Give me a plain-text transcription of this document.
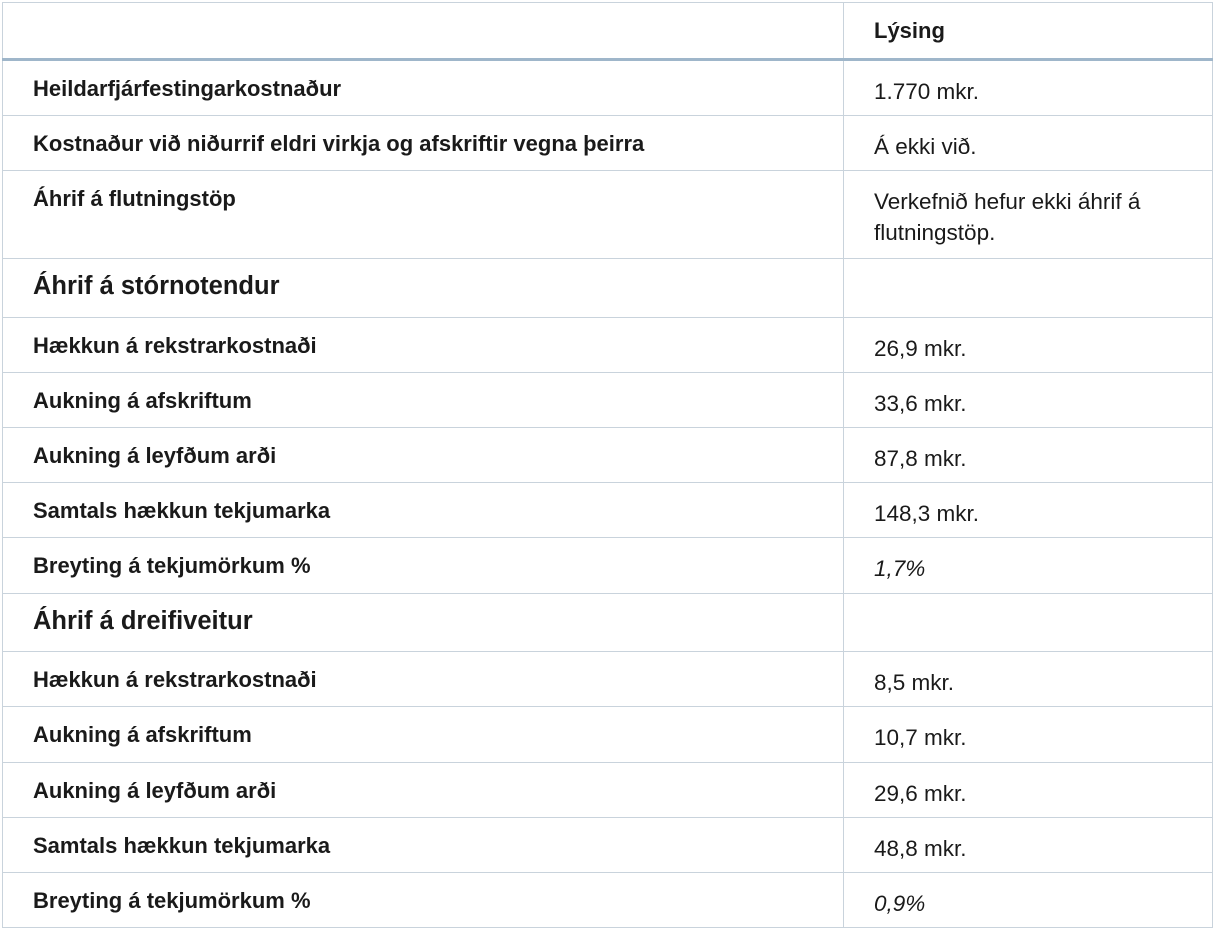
	Lýsing
Heildarfjárfestingarkostnaður	1.770 mkr.
Kostnaður við niðurrif eldri virkja og afskriftir vegna þeirra	Á ekki við.
Áhrif á flutningstöp	Verkefnið hefur ekki áhrif á flutningstöp.
Áhrif á stórnotendur	
Hækkun á rekstrarkostnaði	26,9 mkr.
Aukning á afskriftum	33,6 mkr.
Aukning á leyfðum arði	87,8 mkr.
Samtals hækkun tekjumarka	148,3 mkr.
Breyting á tekjumörkum %	1,7%
Áhrif á dreifiveitur	
Hækkun á rekstrarkostnaði	8,5 mkr.
Aukning á afskriftum	10,7 mkr.
Aukning á leyfðum arði	29,6 mkr.
Samtals hækkun tekjumarka	48,8 mkr.
Breyting á tekjumörkum %	0,9%
